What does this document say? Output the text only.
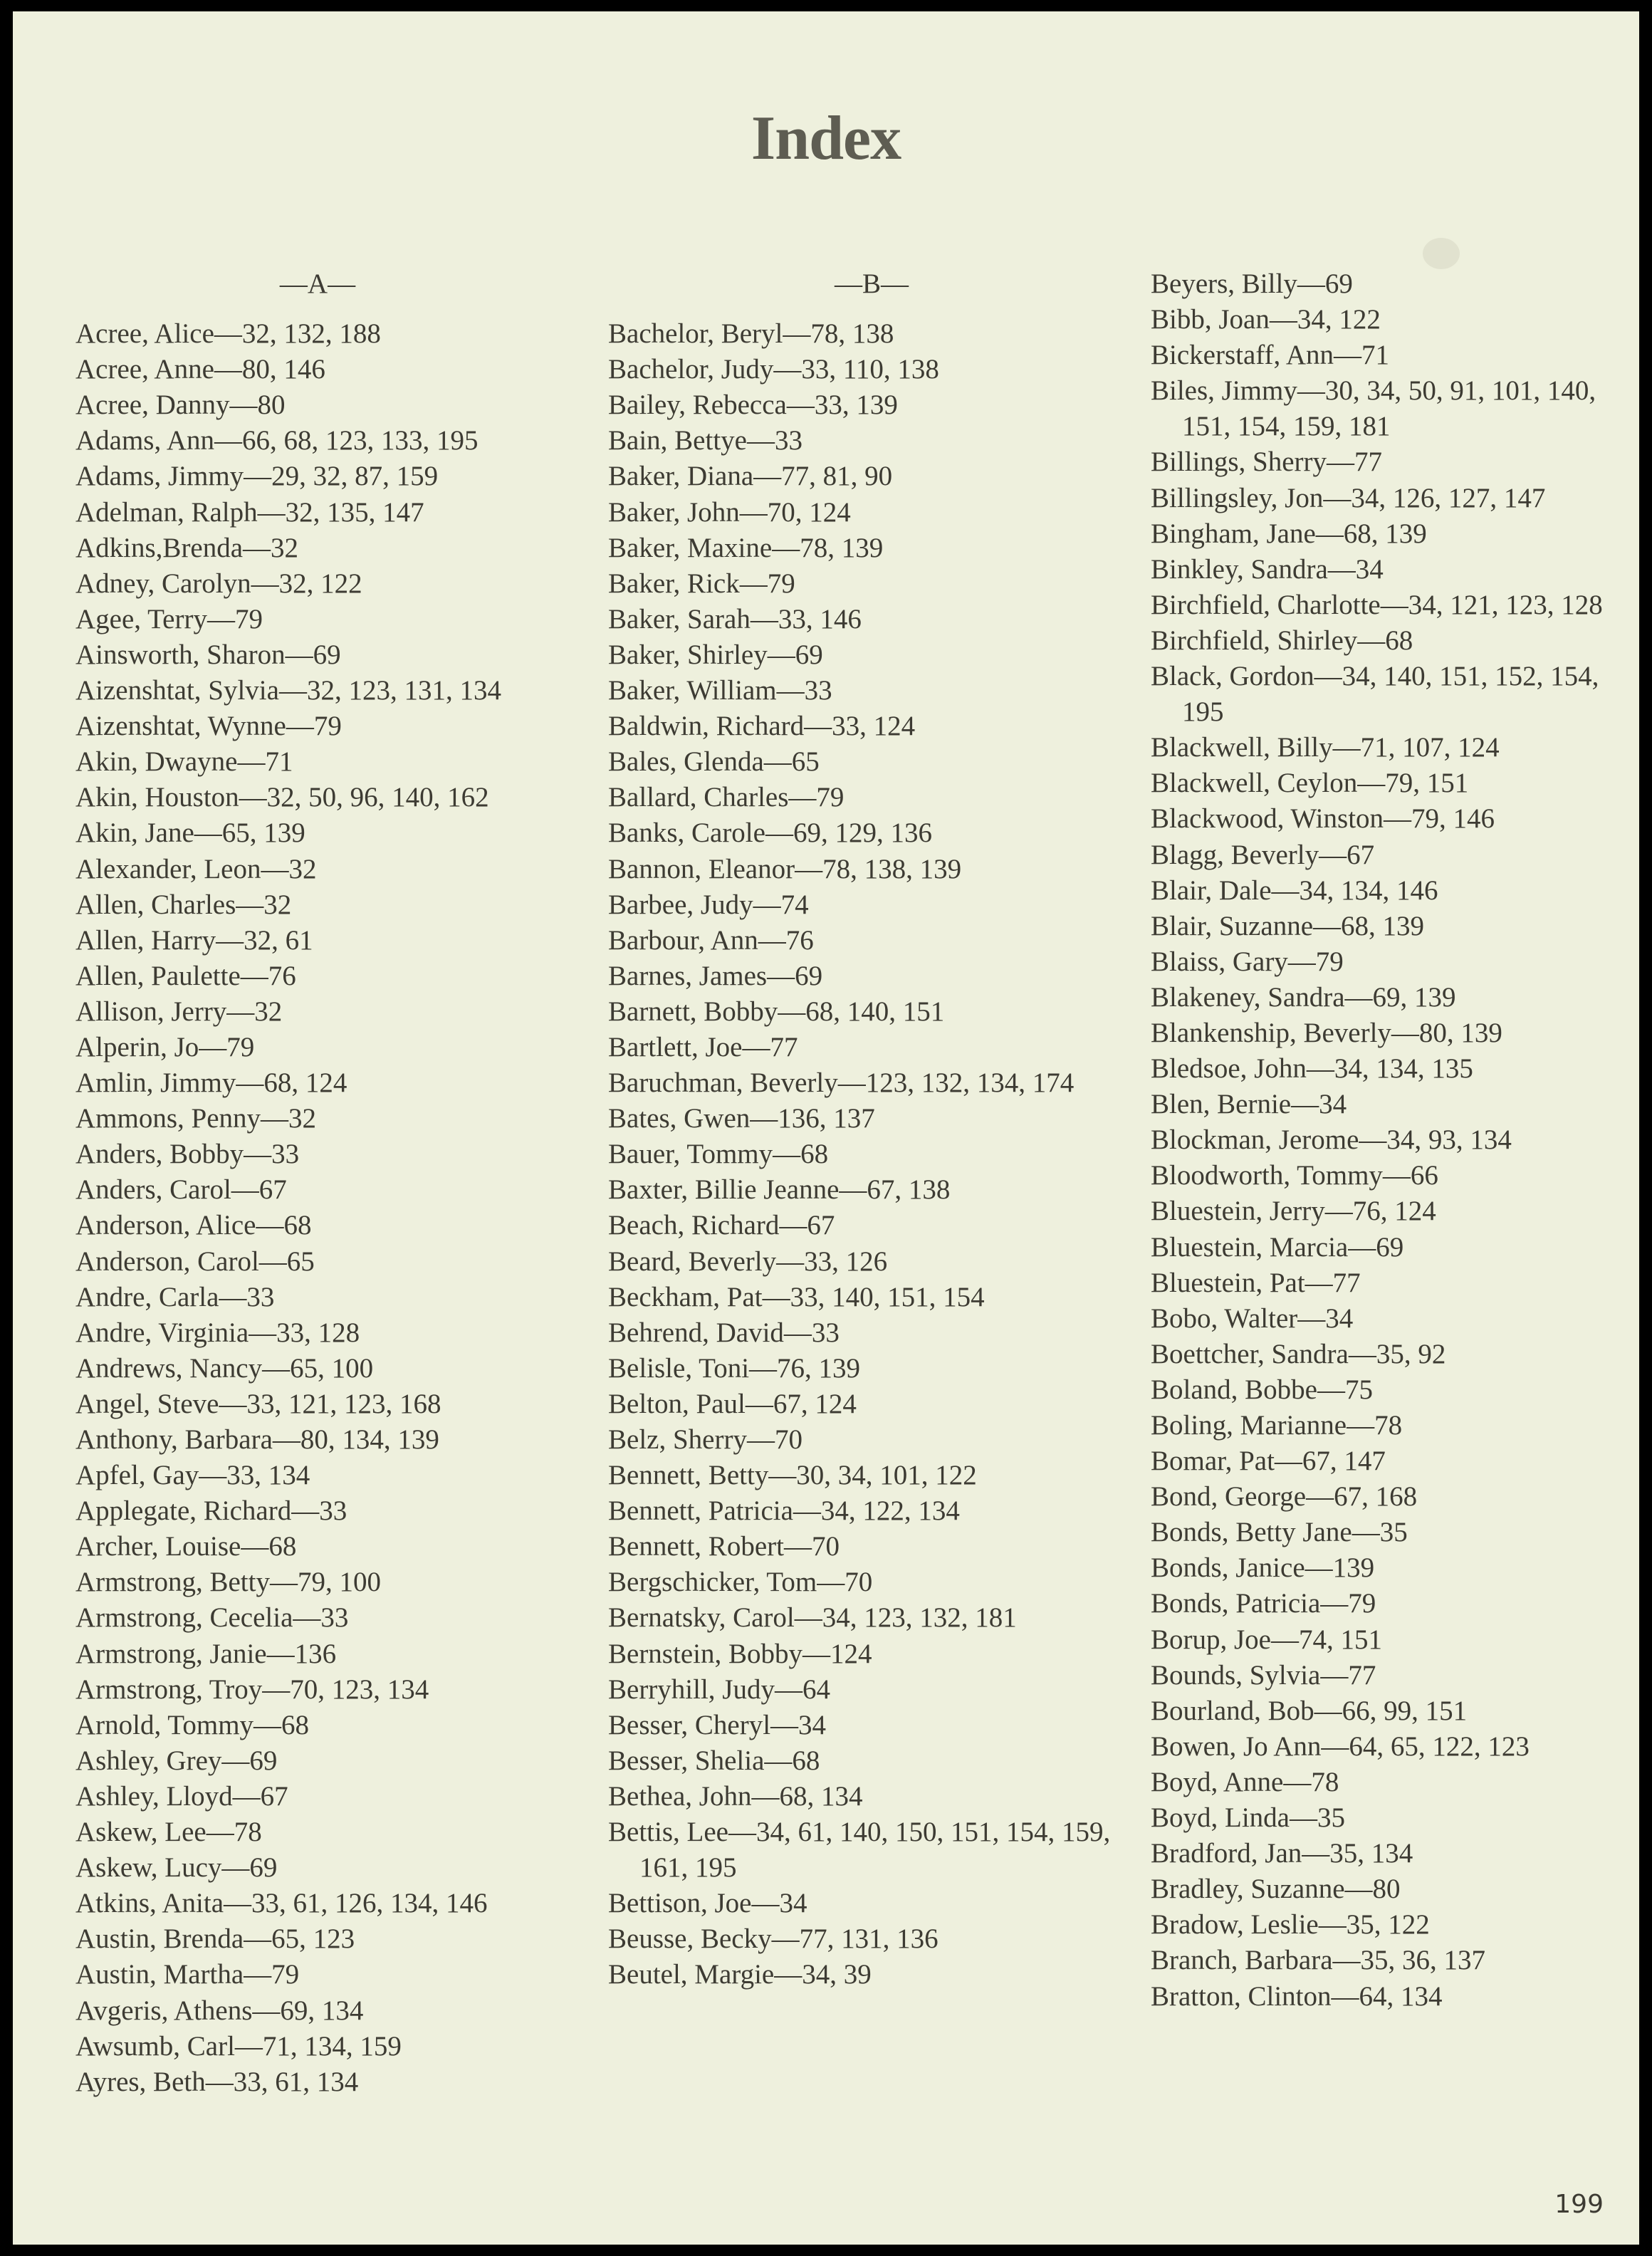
Index
—A—
Acree, Alice—32, 132, 188
Acree, Anne—80, 146
Acree, Danny—80
Adams, Ann—66, 68, 123, 133, 195
Adams, Jimmy—29, 32, 87, 159
Adelman, Ralph—32, 135, 147
Adkins,Brenda—32
Adney, Carolyn—32, 122
Agee, Terry—79
Ainsworth, Sharon—69
Aizenshtat, Sylvia—32, 123, 131, 134
Aizenshtat, Wynne—79
Akin, Dwayne—71
Akin, Houston—32, 50, 96, 140, 162
Akin, Jane—65, 139
Alexander, Leon—32
Allen, Charles—32
Allen, Harry—32, 61
Allen, Paulette—76
Allison, Jerry—32
Alperin, Jo—79
Amlin, Jimmy—68, 124
Ammons, Penny—32
Anders, Bobby—33
Anders, Carol—67
Anderson, Alice—68
Anderson, Carol—65
Andre, Carla—33
Andre, Virginia—33, 128
Andrews, Nancy—65, 100
Angel, Steve—33, 121, 123, 168
Anthony, Barbara—80, 134, 139
Apfel, Gay—33, 134
Applegate, Richard—33
Archer, Louise—68
Armstrong, Betty—79, 100
Armstrong, Cecelia—33
Armstrong, Janie—136
Armstrong, Troy—70, 123, 134
Arnold, Tommy—68
Ashley, Grey—69
Ashley, Lloyd—67
Askew, Lee—78
Askew, Lucy—69
Atkins, Anita—33, 61, 126, 134, 146
Austin, Brenda—65, 123
Austin, Martha—79
Avgeris, Athens—69, 134
Awsumb, Carl—71, 134, 159
Ayres, Beth—33, 61, 134
—B—
Bachelor, Beryl—78, 138
Bachelor, Judy—33, 110, 138
Bailey, Rebecca—33, 139
Bain, Bettye—33
Baker, Diana—77, 81, 90
Baker, John—70, 124
Baker, Maxine—78, 139
Baker, Rick—79
Baker, Sarah—33, 146
Baker, Shirley—69
Baker, William—33
Baldwin, Richard—33, 124
Bales, Glenda—65
Ballard, Charles—79
Banks, Carole—69, 129, 136
Bannon, Eleanor—78, 138, 139
Barbee, Judy—74
Barbour, Ann—76
Barnes, James—69
Barnett, Bobby—68, 140, 151
Bartlett, Joe—77
Baruchman, Beverly—123, 132, 134, 174
Bates, Gwen—136, 137
Bauer, Tommy—68
Baxter, Billie Jeanne—67, 138
Beach, Richard—67
Beard, Beverly—33, 126
Beckham, Pat—33, 140, 151, 154
Behrend, David—33
Belisle, Toni—76, 139
Belton, Paul—67, 124
Belz, Sherry—70
Bennett, Betty—30, 34, 101, 122
Bennett, Patricia—34, 122, 134
Bennett, Robert—70
Bergschicker, Tom—70
Bernatsky, Carol—34, 123, 132, 181
Bernstein, Bobby—124
Berryhill, Judy—64
Besser, Cheryl—34
Besser, Shelia—68
Bethea, John—68, 134
Bettis, Lee—34, 61, 140, 150, 151, 154, 159, 161, 195
Bettison, Joe—34
Beusse, Becky—77, 131, 136
Beutel, Margie—34, 39
Beyers, Billy—69
Bibb, Joan—34, 122
Bickerstaff, Ann—71
Biles, Jimmy—30, 34, 50, 91, 101, 140, 151, 154, 159, 181
Billings, Sherry—77
Billingsley, Jon—34, 126, 127, 147
Bingham, Jane—68, 139
Binkley, Sandra—34
Birchfield, Charlotte—34, 121, 123, 128
Birchfield, Shirley—68
Black, Gordon—34, 140, 151, 152, 154, 195
Blackwell, Billy—71, 107, 124
Blackwell, Ceylon—79, 151
Blackwood, Winston—79, 146
Blagg, Beverly—67
Blair, Dale—34, 134, 146
Blair, Suzanne—68, 139
Blaiss, Gary—79
Blakeney, Sandra—69, 139
Blankenship, Beverly—80, 139
Bledsoe, John—34, 134, 135
Blen, Bernie—34
Blockman, Jerome—34, 93, 134
Bloodworth, Tommy—66
Bluestein, Jerry—76, 124
Bluestein, Marcia—69
Bluestein, Pat—77
Bobo, Walter—34
Boettcher, Sandra—35, 92
Boland, Bobbe—75
Boling, Marianne—78
Bomar, Pat—67, 147
Bond, George—67, 168
Bonds, Betty Jane—35
Bonds, Janice—139
Bonds, Patricia—79
Borup, Joe—74, 151
Bounds, Sylvia—77
Bourland, Bob—66, 99, 151
Bowen, Jo Ann—64, 65, 122, 123
Boyd, Anne—78
Boyd, Linda—35
Bradford, Jan—35, 134
Bradley, Suzanne—80
Bradow, Leslie—35, 122
Branch, Barbara—35, 36, 137
Bratton, Clinton—64, 134
199
